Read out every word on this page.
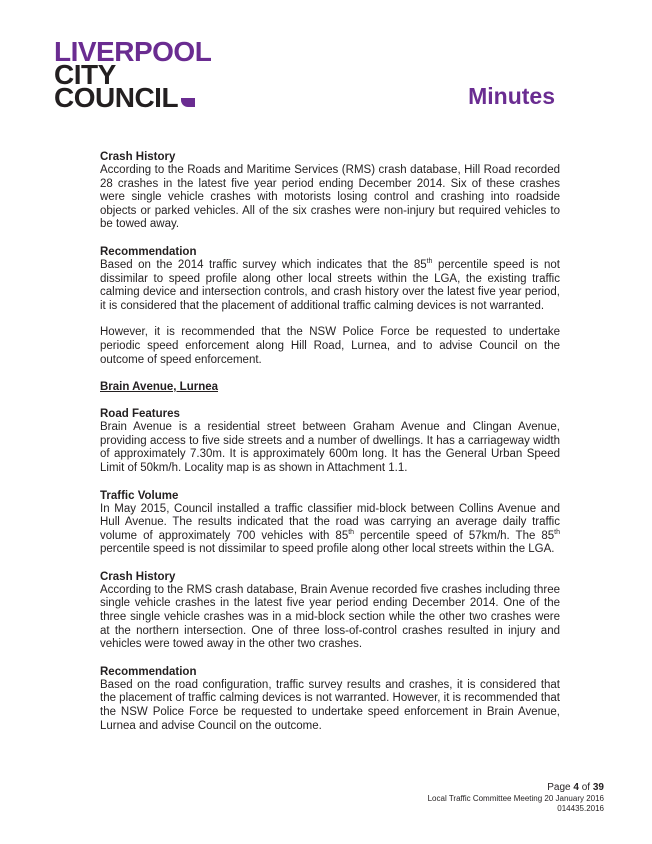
LIVERPOOL
CITY
COUNCIL	Minutes
Crash History

According to the Roads and Maritime Services (RMS) crash database, Hill Road recorded 28 crashes in the latest five year period ending December 2014. Six of these crashes were single vehicle crashes with motorists losing control and crashing into roadside objects or parked vehicles. All of the six crashes were non-injury but required vehicles to be towed away.

Recommendation

Based on the 2014 traffic survey which indicates that the 85th percentile speed is not dissimilar to speed profile along other local streets within the LGA, the existing traffic calming device and intersection controls, and crash history over the latest five year period, it is considered that the placement of additional traffic calming devices is not warranted.

However, it is recommended that the NSW Police Force be requested to undertake periodic speed enforcement along Hill Road, Lurnea, and to advise Council on the outcome of speed enforcement.

Brain Avenue, Lurnea
Road Features

Brain Avenue is a residential street between Graham Avenue and Clingan Avenue, providing access to five side streets and a number of dwellings. It has a carriageway width of approximately 7.30m. It is approximately 600m long. It has the General Urban Speed Limit of 50km/h. Locality map is as shown in Attachment 1.1.

Traffic Volume

In May 2015, Council installed a traffic classifier mid-block between Collins Avenue and Hull Avenue. The results indicated that the road was carrying an average daily traffic volume of approximately 700 vehicles with 85th percentile speed of 57km/h. The 85th percentile speed is not dissimilar to speed profile along other local streets within the LGA.

Crash History

According to the RMS crash database, Brain Avenue recorded five crashes including three single vehicle crashes in the latest five year period ending December 2014. One of the three single vehicle crashes was in a mid-block section while the other two crashes were at the northern intersection. One of three loss-of-control crashes resulted in injury and vehicles were towed away in the other two crashes.

Recommendation

Based on the road configuration, traffic survey results and crashes, it is considered that the placement of traffic calming devices is not warranted. However, it is recommended that the NSW Police Force be requested to undertake speed enforcement in Brain Avenue, Lurnea and advise Council on the outcome.

Page 4 of 39
Local Traffic Committee Meeting 20 January 2016
014435.2016
